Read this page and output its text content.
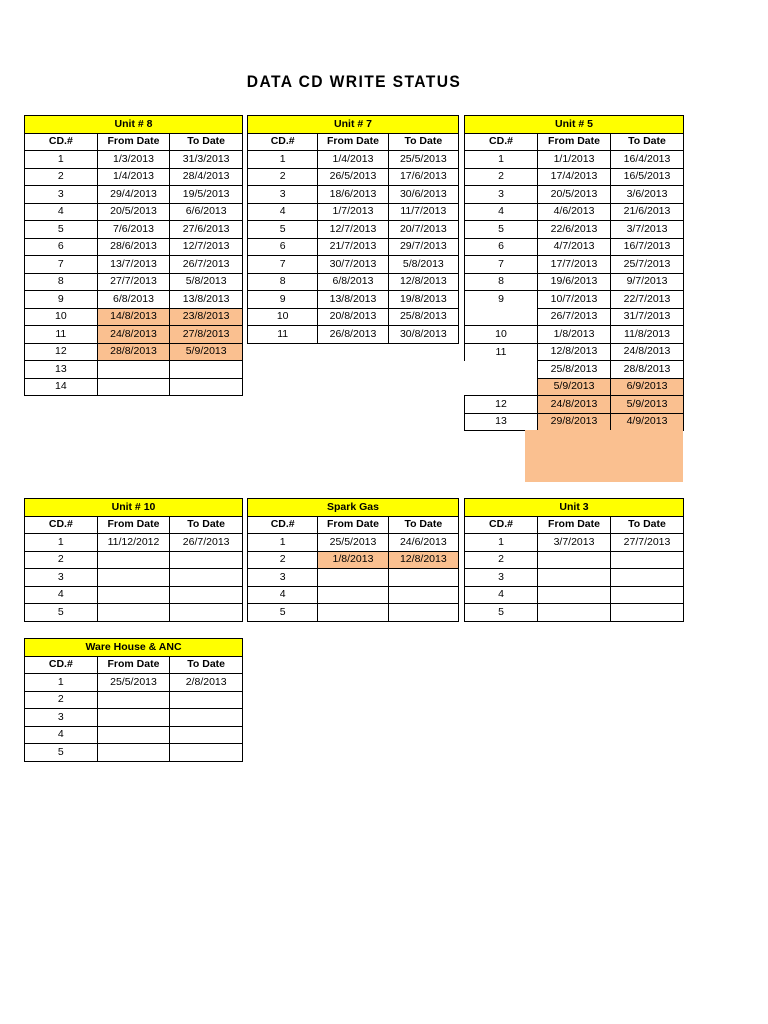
DATA CD WRITE STATUS
Unit # 8		
CD.#	From Date	To Date
1	1/3/2013	31/3/2013
2	1/4/2013	28/4/2013
3	29/4/2013	19/5/2013
4	20/5/2013	6/6/2013
5	7/6/2013	27/6/2013
6	28/6/2013	12/7/2013
7	13/7/2013	26/7/2013
8	27/7/2013	5/8/2013
9	6/8/2013	13/8/2013
10	14/8/2013	23/8/2013
11	24/8/2013	27/8/2013
12	28/8/2013	5/9/2013
13		
14		
Unit # 7		
CD.#	From Date	To Date
1	1/4/2013	25/5/2013
2	26/5/2013	17/6/2013
3	18/6/2013	30/6/2013
4	1/7/2013	11/7/2013
5	12/7/2013	20/7/2013
6	21/7/2013	29/7/2013
7	30/7/2013	5/8/2013
8	6/8/2013	12/8/2013
9	13/8/2013	19/8/2013
10	20/8/2013	25/8/2013
11	26/8/2013	30/8/2013
Unit # 5		
CD.#	From Date	To Date
1	1/1/2013	16/4/2013
2	17/4/2013	16/5/2013
3	20/5/2013	3/6/2013
4	4/6/2013	21/6/2013
5	22/6/2013	3/7/2013
6	4/7/2013	16/7/2013
7	17/7/2013	25/7/2013
8	19/6/2013	9/7/2013
9	10/7/2013	22/7/2013
	26/7/2013	31/7/2013
10	1/8/2013	11/8/2013
11	12/8/2013	24/8/2013
	25/8/2013	28/8/2013
	5/9/2013	6/9/2013
12	24/8/2013	5/9/2013
13	29/8/2013	4/9/2013
Unit # 10		
CD.#	From Date	To Date
1	11/12/2012	26/7/2013
2		
3		
4		
5		
Spark Gas		
CD.#	From Date	To Date
1	25/5/2013	24/6/2013
2	1/8/2013	12/8/2013
3		
4		
5		
Unit 3		
CD.#	From Date	To Date
1	3/7/2013	27/7/2013
2		
3		
4		
5		
Ware House & ANC		
CD.#	From Date	To Date
1	25/5/2013	2/8/2013
2		
3		
4		
5		
